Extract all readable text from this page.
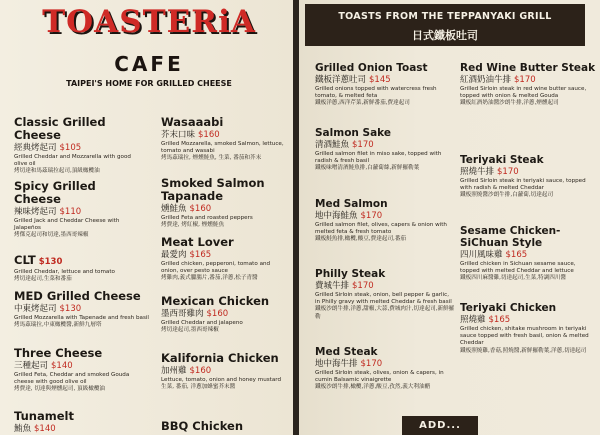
TOASTERiA
CAFE
TAIPEI'S HOME FOR GRILLED CHEESE
TOASTS FROM THE TEPPANYAKI GRILL
日式鐵板吐司
Classic Grilled Cheese
經典烤起司 $105
Grilled Cheddar and Mozzarella with good olive oil
烤切達和馬茲瑞拉起司,頂級橄欖油
Spicy Grilled Cheese
辣味烤起司 $110
Grilled Jack and Cheddar Cheese with Jalapeños
烤傑克起司和切達,墨西哥辣椒
CLT $130
Grilled Cheddar, lettuce and tomato
烤切達起司,生菜和番茄
MED Grilled Cheese
中東烤起司 $130
Grilled Mozzarella with Tapenade and fresh basil
烤馬茲瑞拉,中東橄欖醬,新鮮九層塔
Three Cheese
三種起司 $140
Grilled Feta, Cheddar and smoked Gouda cheese with good olive oil
烤費達, 切達與煙燻起司, 頂級橄欖油
Tunamelt
鮪魚 $140
Wasaaabi
芥末口味 $160
Grilled Mozzarella, smoked Salmon, lettuce, tomato and wasabi
烤馬茲瑞拉, 煙燻鮭魚, 生菜, 番茄和芥末
Smoked Salmon Tapanade
燻鮭魚 $160
Grilled Feta and roasted peppers
烤費達, 烤紅椒, 煙燻鮭魚
Meat Lover
最愛肉 $165
Grilled chicken, pepperoni, tomato and onion, over pesto sauce
烤雞肉,義式臘腸片,番茄,洋蔥,松子青醬
Mexican Chicken
墨西哥雞肉 $160
Grilled Cheddar and jalapeno
烤切達起司,墨西哥辣椒
Kalifornia Chicken
加州雞 $160
Lettuce, tomato, onion and honey mustard
生菜, 番茄, 洋蔥加蜂蜜芥末醬
BBQ Chicken
Grilled Onion Toast
鐵板洋蔥吐司 $145
Grilled onions topped with watercress fresh tomato, & melted feta
鐵板洋蔥,西洋芹菜,新鮮番茄,費達起司
Salmon Sake
清酒鮭魚 $170
Grilled salmon filet in miso sake, topped with radish & fresh basil
鐵板味噌清酒鮭魚排,白蘿蔔絲,新鮮羅勒葉
Med Salmon
地中海鮭魚 $170
Grilled salmon filet, olives, capers & onion with melted feta & fresh tomato
鐵板鮭魚排,橄欖,酸豆,費達起司,番茄
Philly Steak
費城牛排 $170
Grilled Sirloin steak, onion, bell pepper & garlic, in Philly gravy with melted Cheddar & fresh basil
鐵板沙朗牛排,洋蔥,甜椒,大蒜,費城肉汁,切達起司,新鮮羅勒
Med Steak
地中海牛排 $170
Grilled Sirloin steak, olives, onion & capers, in cumin Balsamic vinaigrette
鐵板沙朗牛排,橄欖,洋蔥,酸豆,孜然,義大利油醋
Red Wine Butter Steak
紅酒奶油牛排 $170
Grilled Sirloin steak in red wine butter sauce, topped with onion & melted Gouda
鐵板紅酒奶油醬沙朗牛排,洋蔥,煙燻起司
Teriyaki Steak
照燒牛排 $170
Grilled Sirloin steak in teriyaki sauce, topped with radish & melted Cheddar
鐵板照燒醬沙朗牛排,白蘿蔔,切達起司
Sesame Chicken- SiChuan Style
四川風味雞 $165
Grilled chicken in Sichuan sesame sauce, topped with melted Cheddar and lettuce
鐵板四川麻醬雞,切達起司,生菜,特調四川醬
Teriyaki Chicken
照燒雞 $165
Grilled chicken, shitake mushroom in teriyaki sauce topped with fresh basil, onion & melted Cheddar
鐵板照燒雞,香菇,照燒醬,新鮮羅勒葉,洋蔥,切達起司
ADD...
